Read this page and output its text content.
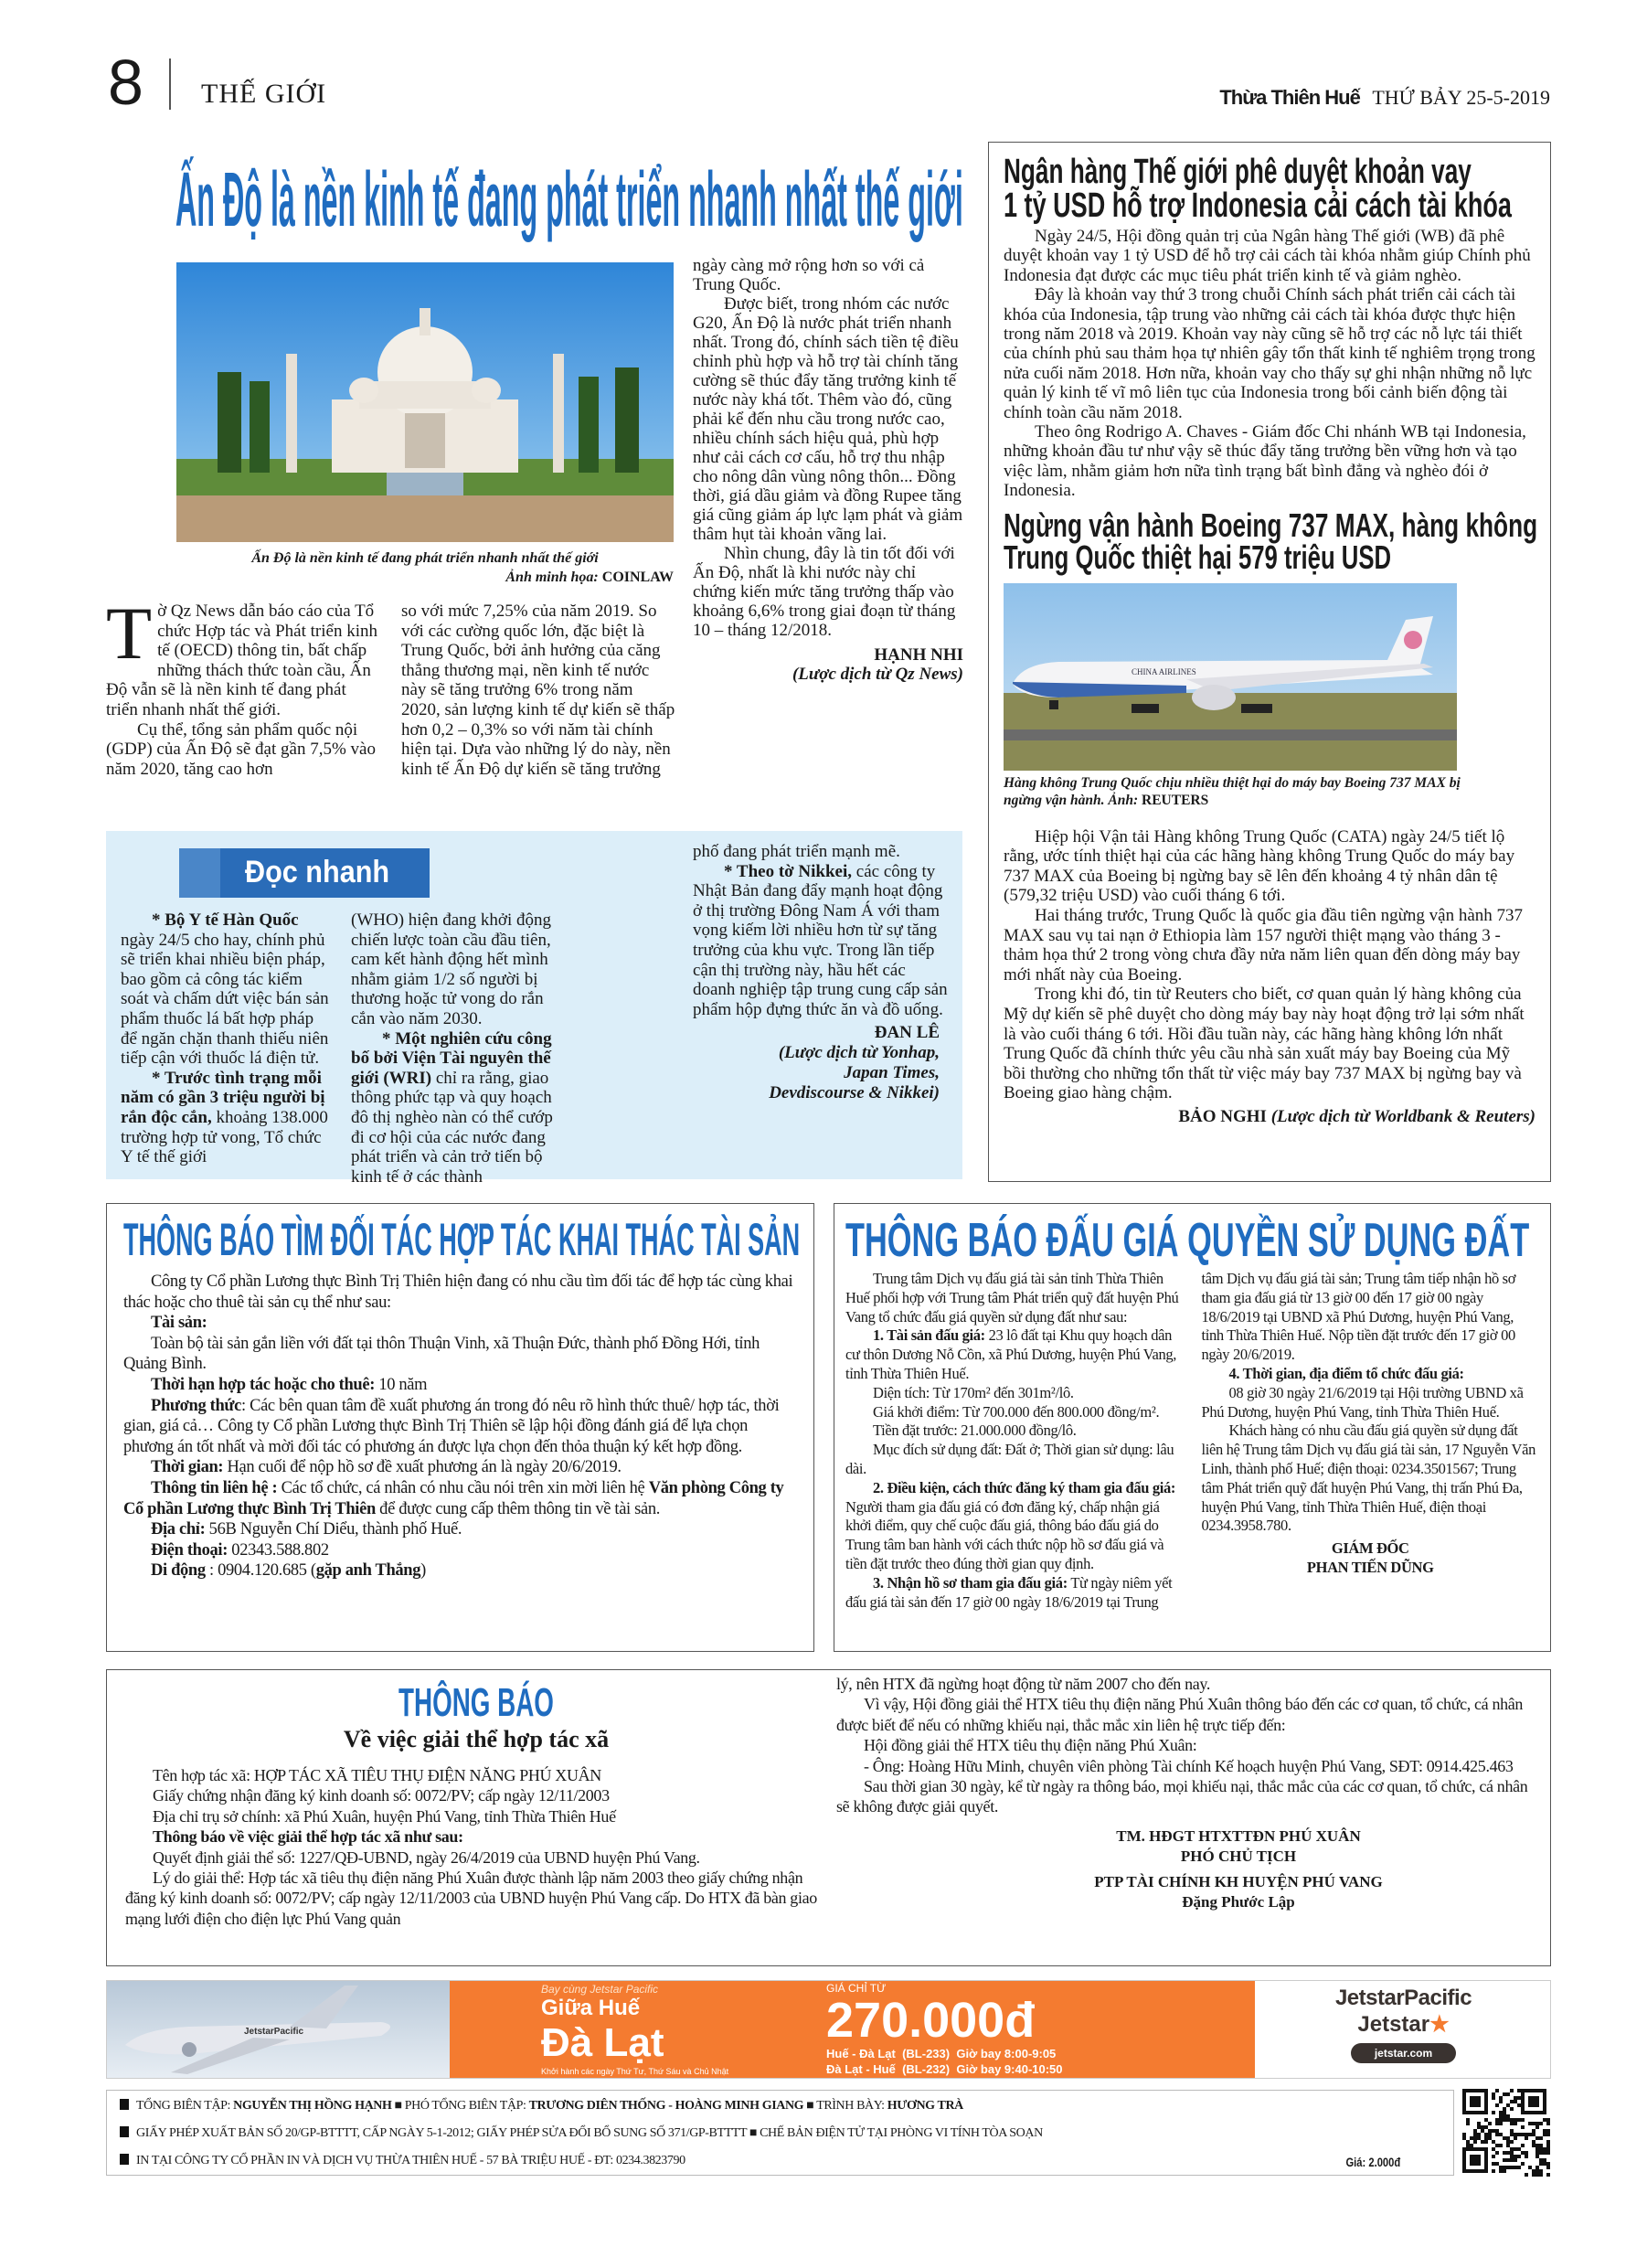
8 THẾ GIỚI	Thừa Thiên Huế THỨ BẢY 25-5-2019
Ấn Độ là nền kinh tế đang phát triển nhanh nhất thế giới
Ấn Độ là nền kinh tế đang phát triển nhanh nhất thế giới
Ảnh minh họa: COINLAW
T ờ Qz News dẫn báo cáo của Tổ chức Hợp tác và Phát triển kinh tế (OECD) thông tin, bất chấp những thách thức toàn cầu, Ấn Độ vẫn sẽ là nền kinh tế đang phát triển nhanh nhất thế giới.

Cụ thể, tổng sản phẩm quốc nội (GDP) của Ấn Độ sẽ đạt gần 7,5% vào năm 2020, tăng cao hơn

so với mức 7,25% của năm 2019. So với các cường quốc lớn, đặc biệt là Trung Quốc, bởi ảnh hưởng của căng thẳng thương mại, nền kinh tế nước này sẽ tăng trưởng 6% trong năm 2020, sản lượng kinh tế dự kiến sẽ thấp hơn 0,2 – 0,3% so với năm tài chính hiện tại. Dựa vào những lý do này, nền kinh tế Ấn Độ dự kiến sẽ tăng trưởng

ngày càng mở rộng hơn so với cả Trung Quốc.

Được biết, trong nhóm các nước G20, Ấn Độ là nước phát triển nhanh nhất. Trong đó, chính sách tiền tệ điều chỉnh phù hợp và hỗ trợ tài chính tăng cường sẽ thúc đẩy tăng trưởng kinh tế nước này khá tốt. Thêm vào đó, cũng phải kể đến nhu cầu trong nước cao, nhiều chính sách hiệu quả, phù hợp như cải cách cơ cấu, hỗ trợ thu nhập cho nông dân vùng nông thôn... Đồng thời, giá dầu giảm và đồng Rupee tăng giá cũng giảm áp lực lạm phát và giảm thâm hụt tài khoản vãng lai.

Nhìn chung, đây là tin tốt đối với Ấn Độ, nhất là khi nước này chỉ chứng kiến mức tăng trưởng thấp vào khoảng 6,6% trong giai đoạn từ tháng 10 – tháng 12/2018.

HẠNH NHI
(Lược dịch từ Qz News)
Đọc nhanh

* Bộ Y tế Hàn Quốc ngày 24/5 cho hay, chính phủ sẽ triển khai nhiều biện pháp, bao gồm cả công tác kiểm soát và chấm dứt việc bán sản phẩm thuốc lá bất hợp pháp để ngăn chặn thanh thiếu niên tiếp cận với thuốc lá điện tử.

* Trước tình trạng mỗi năm có gần 3 triệu người bị rắn độc cắn, khoảng 138.000 trường hợp tử vong, Tổ chức Y tế thế giới

(WHO) hiện đang khởi động chiến lược toàn cầu đầu tiên, cam kết hành động hết mình nhằm giảm 1/2 số người bị thương hoặc tử vong do rắn cắn vào năm 2030.

* Một nghiên cứu công bố bởi Viện Tài nguyên thế giới (WRI) chỉ ra rằng, giao thông phức tạp và quy hoạch đô thị nghèo nàn có thể cướp đi cơ hội của các nước đang phát triển và cản trở tiến bộ kinh tế ở các thành

phố đang phát triển mạnh mẽ.

* Theo tờ Nikkei, các công ty Nhật Bản đang đẩy mạnh hoạt động ở thị trường Đông Nam Á với tham vọng kiếm lời nhiều hơn từ sự tăng trưởng của khu vực. Trong lần tiếp cận thị trường này, hầu hết các doanh nghiệp tập trung cung cấp sản phẩm hộp đựng thức ăn và đồ uống.

ĐAN LÊ
(Lược dịch từ Yonhap,
Japan Times,
Devdiscourse & Nikkei)
Ngân hàng Thế giới phê duyệt khoản vay
1 tỷ USD hỗ trợ Indonesia cải cách tài khóa

Ngày 24/5, Hội đồng quản trị của Ngân hàng Thế giới (WB) đã phê duyệt khoản vay 1 tỷ USD để hỗ trợ cải cách tài khóa nhằm giúp Chính phủ Indonesia đạt được các mục tiêu phát triển kinh tế và giảm nghèo.

Đây là khoản vay thứ 3 trong chuỗi Chính sách phát triển cải cách tài khóa của Indonesia, tập trung vào những cải cách tài khóa được thực hiện trong năm 2018 và 2019. Khoản vay này cũng sẽ hỗ trợ các nỗ lực tái thiết của chính phủ sau thảm họa tự nhiên gây tổn thất kinh tế nghiêm trọng trong nửa cuối năm 2018. Hơn nữa, khoản vay cho thấy sự ghi nhận những nỗ lực quản lý kinh tế vĩ mô liên tục của Indonesia trong bối cảnh biến động tài chính toàn cầu năm 2018.

Theo ông Rodrigo A. Chaves - Giám đốc Chi nhánh WB tại Indonesia, những khoản đầu tư như vậy sẽ thúc đẩy tăng trưởng bền vững hơn và tạo việc làm, nhằm giảm hơn nữa tình trạng bất bình đẳng và nghèo đói ở Indonesia.

Ngừng vận hành Boeing 737 MAX, hàng không
Trung Quốc thiệt hại 579 triệu USD
CHINA AIRLINES
Hàng không Trung Quốc chịu nhiều thiệt hại do máy bay Boeing 737 MAX bị ngừng vận hành. Ảnh: REUTERS

Hiệp hội Vận tải Hàng không Trung Quốc (CATA) ngày 24/5 tiết lộ rằng, ước tính thiệt hại của các hãng hàng không Trung Quốc do máy bay 737 MAX của Boeing bị ngừng bay sẽ lên đến khoảng 4 tỷ nhân dân tệ (579,32 triệu USD) vào cuối tháng 6 tới.

Hai tháng trước, Trung Quốc là quốc gia đầu tiên ngừng vận hành 737 MAX sau vụ tai nạn ở Ethiopia làm 157 người thiệt mạng vào tháng 3 - thảm họa thứ 2 trong vòng chưa đầy nửa năm liên quan đến dòng máy bay mới nhất này của Boeing.

Trong khi đó, tin từ Reuters cho biết, cơ quan quản lý hàng không của Mỹ dự kiến sẽ phê duyệt cho dòng máy bay này hoạt động trở lại sớm nhất là vào cuối tháng 6 tới. Hồi đầu tuần này, các hãng hàng không lớn nhất Trung Quốc đã chính thức yêu cầu nhà sản xuất máy bay Boeing của Mỹ bồi thường cho những tổn thất từ việc máy bay 737 MAX bị ngừng bay và Boeing giao hàng chậm.

BẢO NGHI (Lược dịch từ Worldbank & Reuters)
THÔNG BÁO TÌM ĐỐI TÁC HỢP TÁC KHAI THÁC TÀI SẢN

Công ty Cổ phần Lương thực Bình Trị Thiên hiện đang có nhu cầu tìm đối tác để hợp tác cùng khai thác hoặc cho thuê tài sản cụ thể như sau:

Tài sản:

Toàn bộ tài sản gắn liền với đất tại thôn Thuận Vinh, xã Thuận Đức, thành phố Đồng Hới, tỉnh Quảng Bình.

Thời hạn hợp tác hoặc cho thuê: 10 năm

Phương thức: Các bên quan tâm đề xuất phương án trong đó nêu rõ hình thức thuê/ hợp tác, thời gian, giá cả… Công ty Cổ phần Lương thực Bình Trị Thiên sẽ lập hội đồng đánh giá để lựa chọn phương án tốt nhất và mời đối tác có phương án được lựa chọn đến thỏa thuận ký kết hợp đồng.

Thời gian: Hạn cuối để nộp hồ sơ đề xuất phương án là ngày 20/6/2019.

Thông tin liên hệ : Các tổ chức, cá nhân có nhu cầu nói trên xin mời liên hệ Văn phòng Công ty Cổ phần Lương thực Bình Trị Thiên để được cung cấp thêm thông tin về tài sản.

Địa chỉ: 56B Nguyễn Chí Diểu, thành phố Huế.

Điện thoại: 02343.588.802

Di động : 0904.120.685 (gặp anh Thắng)

THÔNG BÁO ĐẤU GIÁ QUYỀN SỬ DỤNG ĐẤT

Trung tâm Dịch vụ đấu giá tài sản tỉnh Thừa Thiên Huế phối hợp với Trung tâm Phát triển quỹ đất huyện Phú Vang tổ chức đấu giá quyền sử dụng đất như sau:

1. Tài sản đấu giá: 23 lô đất tại Khu quy hoạch dân cư thôn Dương Nỗ Cồn, xã Phú Dương, huyện Phú Vang, tỉnh Thừa Thiên Huế.

Diện tích: Từ 170m² đến 301m²/lô.

Giá khởi điểm: Từ 700.000 đến 800.000 đồng/m².

Tiền đặt trước: 21.000.000 đồng/lô.

Mục đích sử dụng đất: Đất ở; Thời gian sử dụng: lâu dài.

2. Điều kiện, cách thức đăng ký tham gia đấu giá: Người tham gia đấu giá có đơn đăng ký, chấp nhận giá khởi điểm, quy chế cuộc đấu giá, thông báo đấu giá do Trung tâm ban hành với cách thức nộp hồ sơ đấu giá và tiền đặt trước theo đúng thời gian quy định.

3. Nhận hồ sơ tham gia đấu giá: Từ ngày niêm yết đấu giá tài sản đến 17 giờ 00 ngày 18/6/2019 tại Trung tâm Dịch vụ đấu giá tài sản; Trung tâm tiếp nhận hồ sơ tham gia đấu giá từ 13 giờ 00 đến 17 giờ 00 ngày 18/6/2019 tại UBND xã Phú Dương, huyện Phú Vang, tỉnh Thừa Thiên Huế. Nộp tiền đặt trước đến 17 giờ 00 ngày 20/6/2019.

4. Thời gian, địa điểm tổ chức đấu giá:

08 giờ 30 ngày 21/6/2019 tại Hội trường UBND xã Phú Dương, huyện Phú Vang, tỉnh Thừa Thiên Huế.

Khách hàng có nhu cầu đấu giá quyền sử dụng đất liên hệ Trung tâm Dịch vụ đấu giá tài sản, 17 Nguyễn Văn Linh, thành phố Huế; điện thoại: 0234.3501567; Trung tâm Phát triển quỹ đất huyện Phú Vang, thị trấn Phú Đa, huyện Phú Vang, tỉnh Thừa Thiên Huế, điện thoại 0234.3958.780.

GIÁM ĐỐC
PHAN TIẾN DŨNG
THÔNG BÁO
Về việc giải thể hợp tác xã

Tên hợp tác xã: HỢP TÁC XÃ TIÊU THỤ ĐIỆN NĂNG PHÚ XUÂN

Giấy chứng nhận đăng ký kinh doanh số: 0072/PV; cấp ngày 12/11/2003

Địa chỉ trụ sở chính: xã Phú Xuân, huyện Phú Vang, tỉnh Thừa Thiên Huế

Thông báo về việc giải thể hợp tác xã như sau:

Quyết định giải thể số: 1227/QĐ-UBND, ngày 26/4/2019 của UBND huyện Phú Vang.

Lý do giải thể: Hợp tác xã tiêu thụ điện năng Phú Xuân được thành lập năm 2003 theo giấy chứng nhận đăng ký kinh doanh số: 0072/PV; cấp ngày 12/11/2003 của UBND huyện Phú Vang cấp. Do HTX đã bàn giao mạng lưới điện cho điện lực Phú Vang quản

lý, nên HTX đã ngừng hoạt động từ năm 2007 cho đến nay.

Vì vậy, Hội đồng giải thể HTX tiêu thụ điện năng Phú Xuân thông báo đến các cơ quan, tổ chức, cá nhân được biết để nếu có những khiếu nại, thắc mắc xin liên hệ trực tiếp đến:

Hội đồng giải thể HTX tiêu thụ điện năng Phú Xuân:

- Ông: Hoàng Hữu Minh, chuyên viên phòng Tài chính Kế hoạch huyện Phú Vang, SĐT: 0914.425.463

Sau thời gian 30 ngày, kể từ ngày ra thông báo, mọi khiếu nại, thắc mắc của các cơ quan, tổ chức, cá nhân sẽ không được giải quyết.

TM. HĐGT HTXTTĐN PHÚ XUÂN
PHÓ CHỦ TỊCH
PTP TÀI CHÍNH KH HUYỆN PHÚ VANG
Đặng Phước Lập
JetstarPacific
Bay cùng Jetstar Pacific
Giữa Huế
Đà Lạt
Khởi hành các ngày Thứ Tư, Thứ Sáu và Chủ Nhật
GIÁ CHỈ TỪ
270.000đ
Huế - Đà Lạt (BL-233) Giờ bay 8:00-9:05
Đà Lạt - Huế (BL-232) Giờ bay 9:40-10:50
JetstarPacific
Jetstar★
jetstar.com
TỔNG BIÊN TẬP: NGUYỄN THỊ HỒNG HẠNH ■ PHÓ TỔNG BIÊN TẬP: TRƯƠNG DIÊN THỐNG - HOÀNG MINH GIANG ■ TRÌNH BÀY: HƯƠNG TRÀ
GIẤY PHÉP XUẤT BẢN SỐ 20/GP-BTTTT, CẤP NGÀY 5-1-2012; GIẤY PHÉP SỬA ĐỔI BỔ SUNG SỐ 371/GP-BTTTT ■ CHẾ BẢN ĐIỆN TỬ TẠI PHÒNG VI TÍNH TÒA SOẠN
IN TẠI CÔNG TY CỔ PHẦN IN VÀ DỊCH VỤ THỪA THIÊN HUẾ - 57 BÀ TRIỆU HUẾ - ĐT: 0234.3823790	Giá: 2.000đ
